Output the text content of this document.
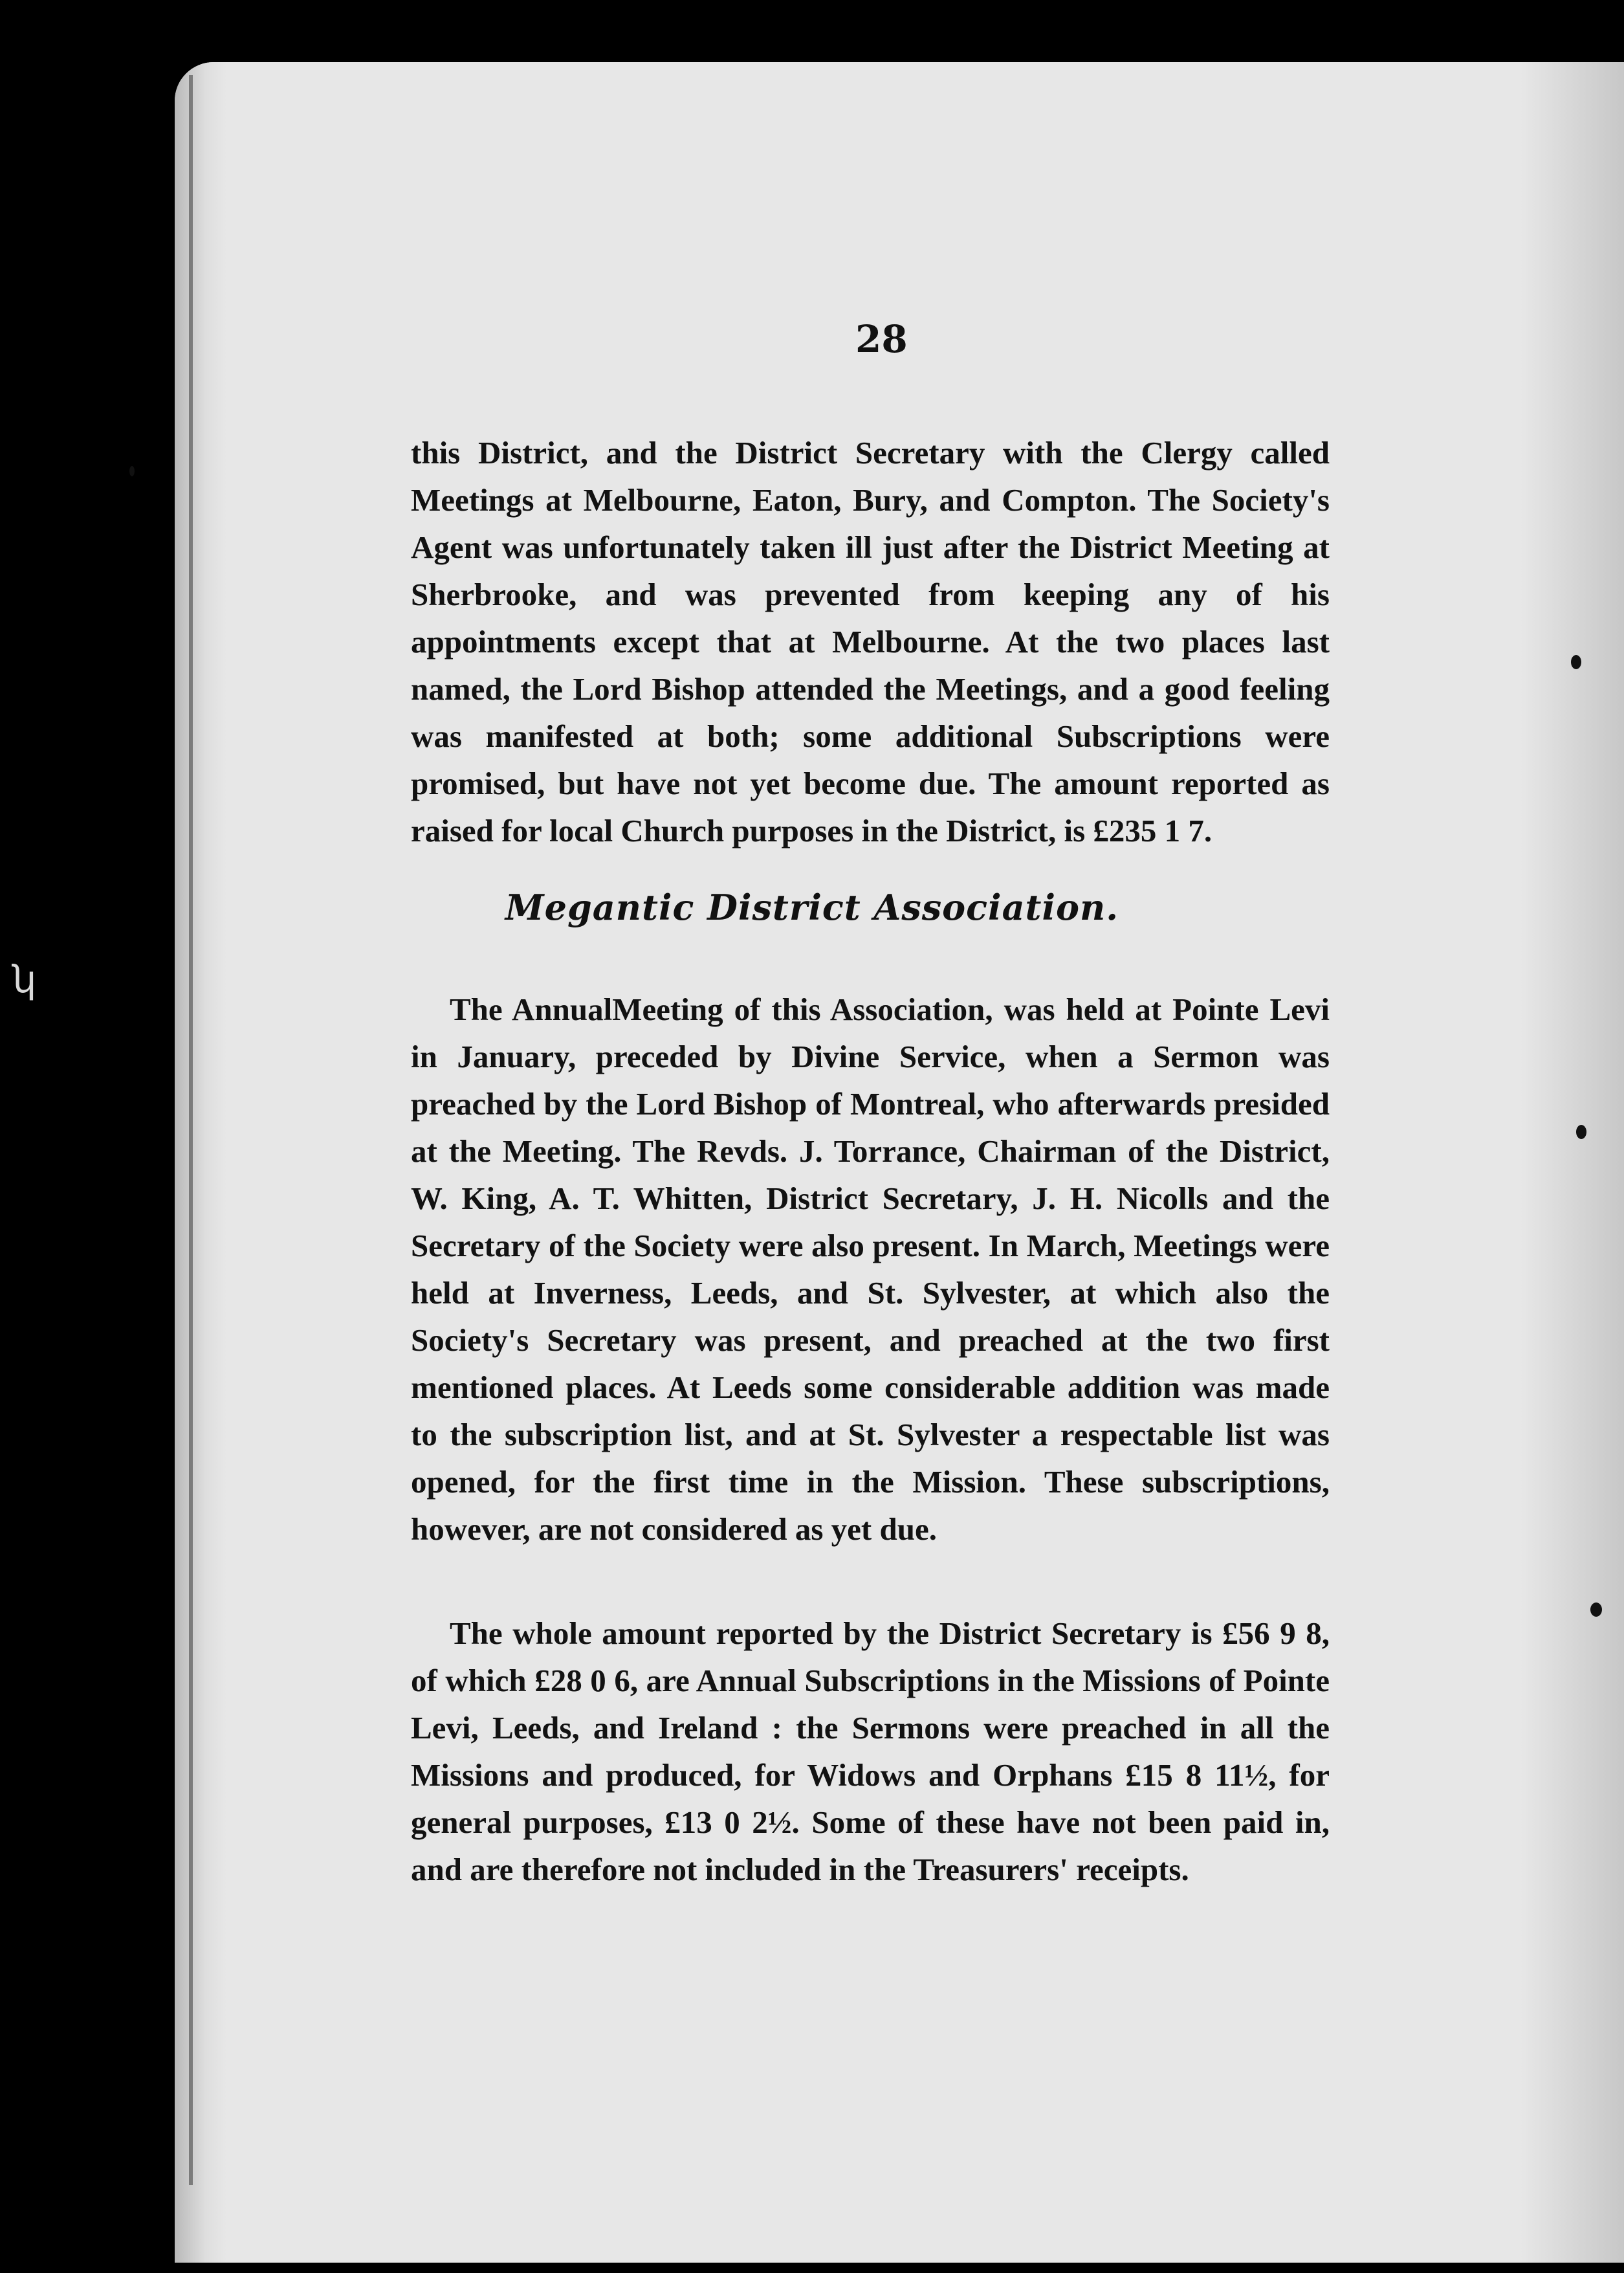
ʮ
28

this District, and the District Secretary with the Clergy called Meetings at Melbourne, Eaton, Bury, and Compton. The Society's Agent was unfortunately taken ill just after the District Meeting at Sherbrooke, and was prevented from keeping any of his appointments except that at Melbourne. At the two places last named, the Lord Bishop attended the Meetings, and a good feeling was manifested at both; some additional Subscriptions were promised, but have not yet become due. The amount reported as raised for local Church purposes in the District, is £235 1 7.

Megantic District Association.

The AnnualMeeting of this Association, was held at Pointe Levi in January, preceded by Divine Service, when a Sermon was preached by the Lord Bishop of Montreal, who afterwards presided at the Meeting. The Revds. J. Torrance, Chairman of the District, W. King, A. T. Whitten, District Secretary, J. H. Nicolls and the Secretary of the Society were also present. In March, Meetings were held at Inverness, Leeds, and St. Sylvester, at which also the Society's Secretary was present, and preached at the two first mentioned places. At Leeds some considerable addition was made to the subscription list, and at St. Sylvester a respectable list was opened, for the first time in the Mission. These subscriptions, however, are not considered as yet due.

The whole amount reported by the District Secretary is £56 9 8, of which £28 0 6, are Annual Subscriptions in the Missions of Pointe Levi, Leeds, and Ireland : the Sermons were preached in all the Missions and produced, for Widows and Orphans £15 8 11½, for general purposes, £13 0 2½. Some of these have not been paid in, and are therefore not included in the Treasurers' receipts.
